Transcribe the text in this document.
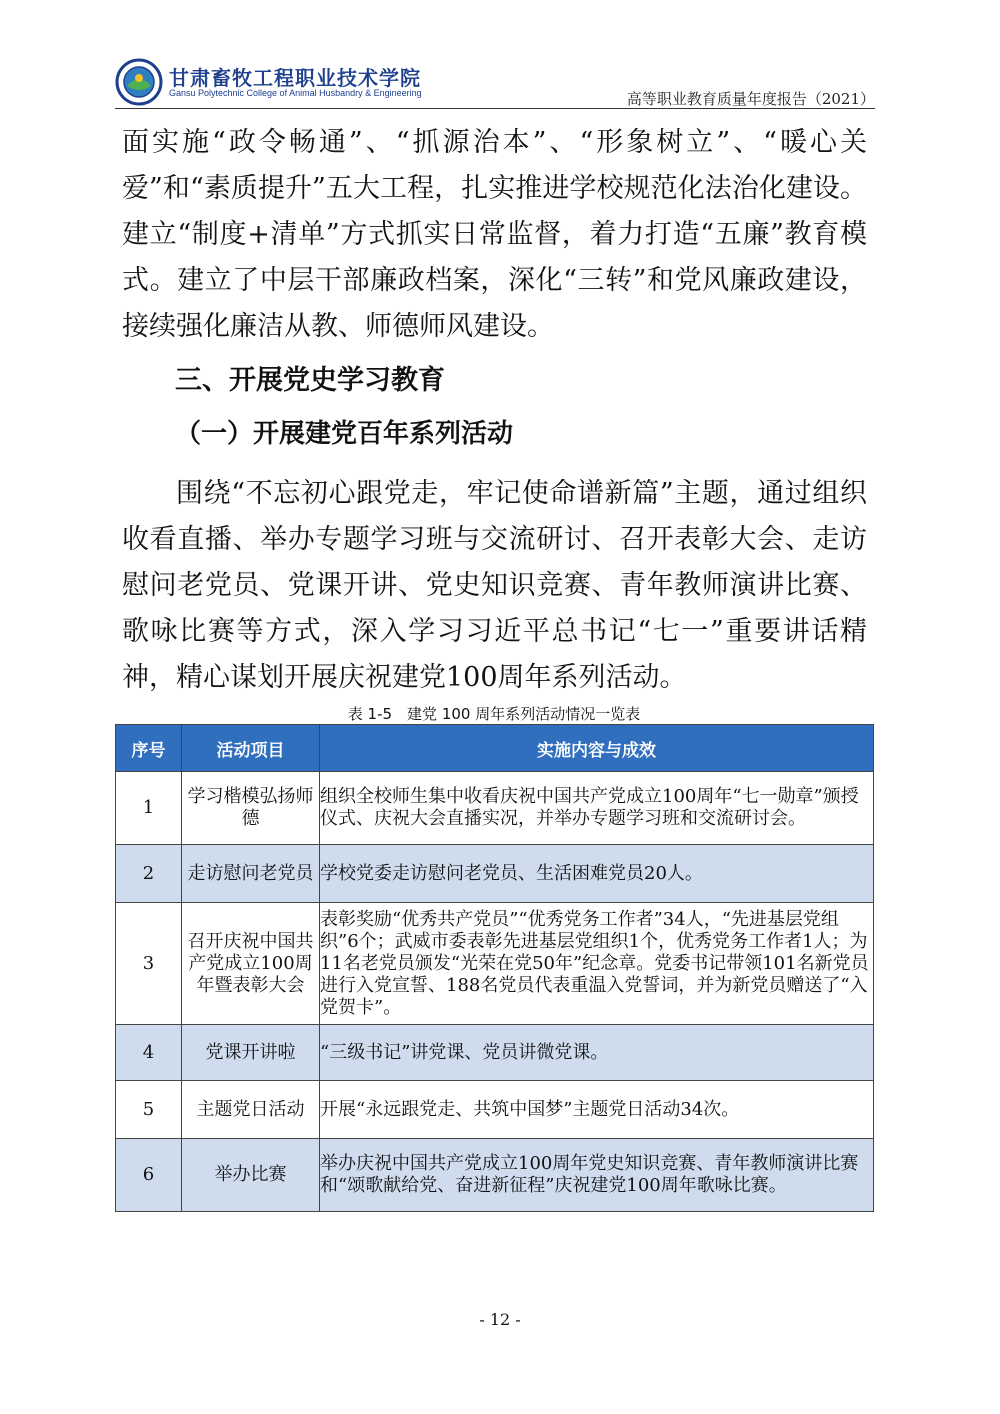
甘肃畜牧工程职业技术学院
Gansu Polytechnic College of Animal Husbandry & Engineering	高等职业教育质量年度报告（2021）

面实施“政令畅通”、“抓源治本”、“形象树立”、“暖心关爱”和“素质提升”五大工程，扎实推进学校规范化法治化建设。建立“制度+清单”方式抓实日常监督，着力打造“五廉”教育模式。建立了中层干部廉政档案，深化“三转”和党风廉政建设，接续强化廉洁从教、师德师风建设。

三、开展党史学习教育
（一）开展建党百年系列活动

围绕“不忘初心跟党走，牢记使命谱新篇”主题，通过组织收看直播、举办专题学习班与交流研讨、召开表彰大会、走访慰问老党员、党课开讲、党史知识竞赛、青年教师演讲比赛、歌咏比赛等方式，深入学习习近平总书记“七一”重要讲话精神，精心谋划开展庆祝建党100周年系列活动。

表 1-5　建党 100 周年系列活动情况一览表
序号	活动项目	实施内容与成效
1	学习楷模弘扬师德	组织全校师生集中收看庆祝中国共产党成立100周年“七一勋章”颁授仪式、庆祝大会直播实况，并举办专题学习班和交流研讨会。
2	走访慰问老党员	学校党委走访慰问老党员、生活困难党员20人。
3	召开庆祝中国共产党成立100周年暨表彰大会	表彰奖励“优秀共产党员”“优秀党务工作者”34人，“先进基层党组织”6个；武威市委表彰先进基层党组织1个，优秀党务工作者1人；为11名老党员颁发“光荣在党50年”纪念章。党委书记带领101名新党员进行入党宣誓、188名党员代表重温入党誓词，并为新党员赠送了“入党贺卡”。
4	党课开讲啦	“三级书记”讲党课、党员讲微党课。
5	主题党日活动	开展“永远跟党走、共筑中国梦”主题党日活动34次。
6	举办比赛	举办庆祝中国共产党成立100周年党史知识竞赛、青年教师演讲比赛和“颂歌献给党、奋进新征程”庆祝建党100周年歌咏比赛。
- 12 -
